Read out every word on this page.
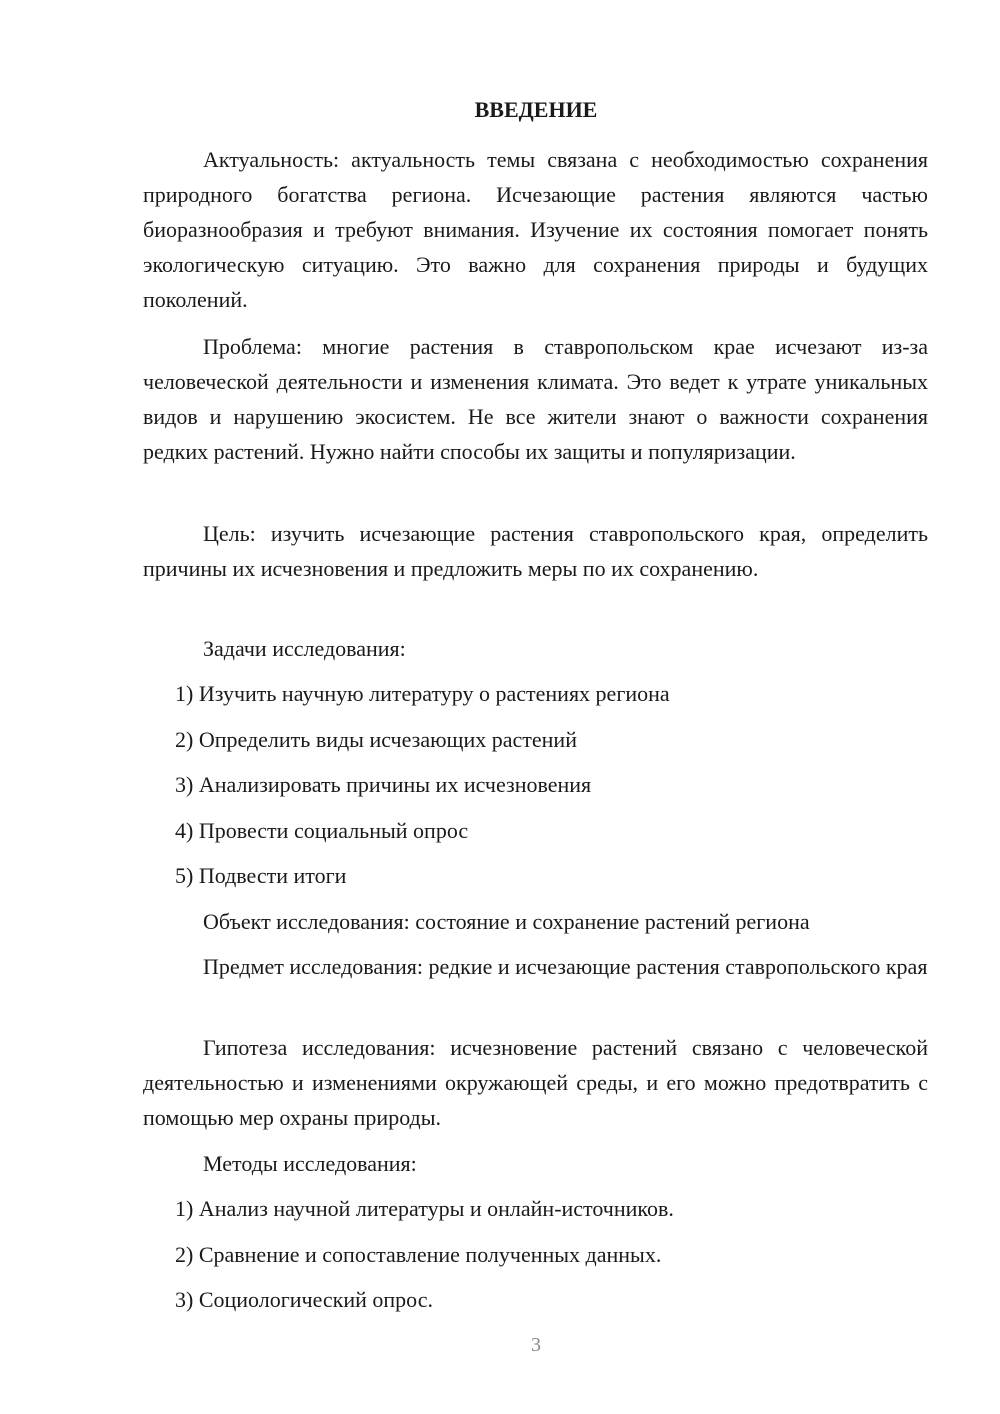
ВВЕДЕНИЕ

Актуальность: актуальность темы связана с необходимостью сохранения природного богатства региона. Исчезающие растения являются частью биоразнообразия и требуют внимания. Изучение их состояния помогает понять экологическую ситуацию. Это важно для сохранения природы и будущих поколений.

Проблема: многие растения в ставропольском крае исчезают из-за человеческой деятельности и изменения климата. Это ведет к утрате уникальных видов и нарушению экосистем. Не все жители знают о важности сохранения редких растений. Нужно найти способы их защиты и популяризации.

Цель: изучить исчезающие растения ставропольского края, определить причины их исчезновения и предложить меры по их сохранению.

Задачи исследования:
1) Изучить научную литературу о растениях региона
2) Определить виды исчезающих растений
3) Анализировать причины их исчезновения
4) Провести социальный опрос
5) Подвести итоги
Объект исследования: состояние и сохранение растений региона

Предмет исследования: редкие и исчезающие растения ставропольского края

Гипотеза исследования: исчезновение растений связано с человеческой деятельностью и изменениями окружающей среды, и его можно предотвратить с помощью мер охраны природы.

Методы исследования:
1) Анализ научной литературы и онлайн-источников.
2) Сравнение и сопоставление полученных данных.
3) Социологический опрос.
3
